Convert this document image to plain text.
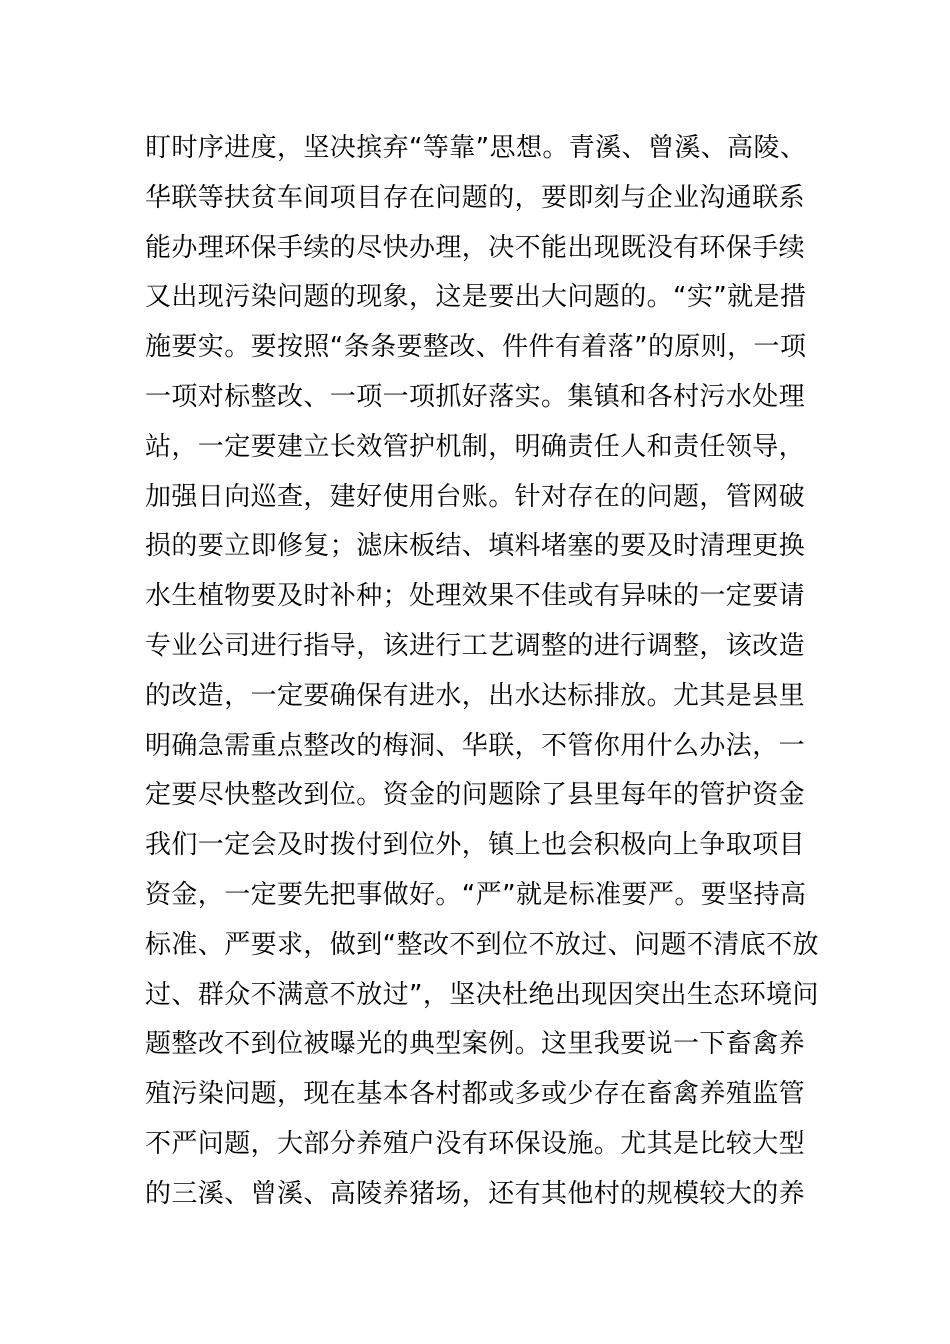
盯时序进度，坚决摈弃“等靠”思想。青溪、曾溪、高陵、
华联等扶贫车间项目存在问题的，要即刻与企业沟通联系
能办理环保手续的尽快办理，决不能出现既没有环保手续
又出现污染问题的现象，这是要出大问题的。“实”就是措
施要实。要按照“条条要整改、件件有着落”的原则，一项
一项对标整改、一项一项抓好落实。集镇和各村污水处理
站，一定要建立长效管护机制，明确责任人和责任领导，
加强日向巡查，建好使用台账。针对存在的问题，管网破
损的要立即修复；滤床板结、填料堵塞的要及时清理更换
水生植物要及时补种；处理效果不佳或有异味的一定要请
专业公司进行指导，该进行工艺调整的进行调整，该改造
的改造，一定要确保有进水，出水达标排放。尤其是县里
明确急需重点整改的梅洞、华联，不管你用什么办法，一
定要尽快整改到位。资金的问题除了县里每年的管护资金
我们一定会及时拨付到位外，镇上也会积极向上争取项目
资金，一定要先把事做好。“严”就是标准要严。要坚持高
标准、严要求，做到“整改不到位不放过、问题不清底不放
过、群众不满意不放过”，坚决杜绝出现因突出生态环境问
题整改不到位被曝光的典型案例。这里我要说一下畜禽养
殖污染问题，现在基本各村都或多或少存在畜禽养殖监管
不严问题，大部分养殖户没有环保设施。尤其是比较大型
的三溪、曾溪、高陵养猪场，还有其他村的规模较大的养
